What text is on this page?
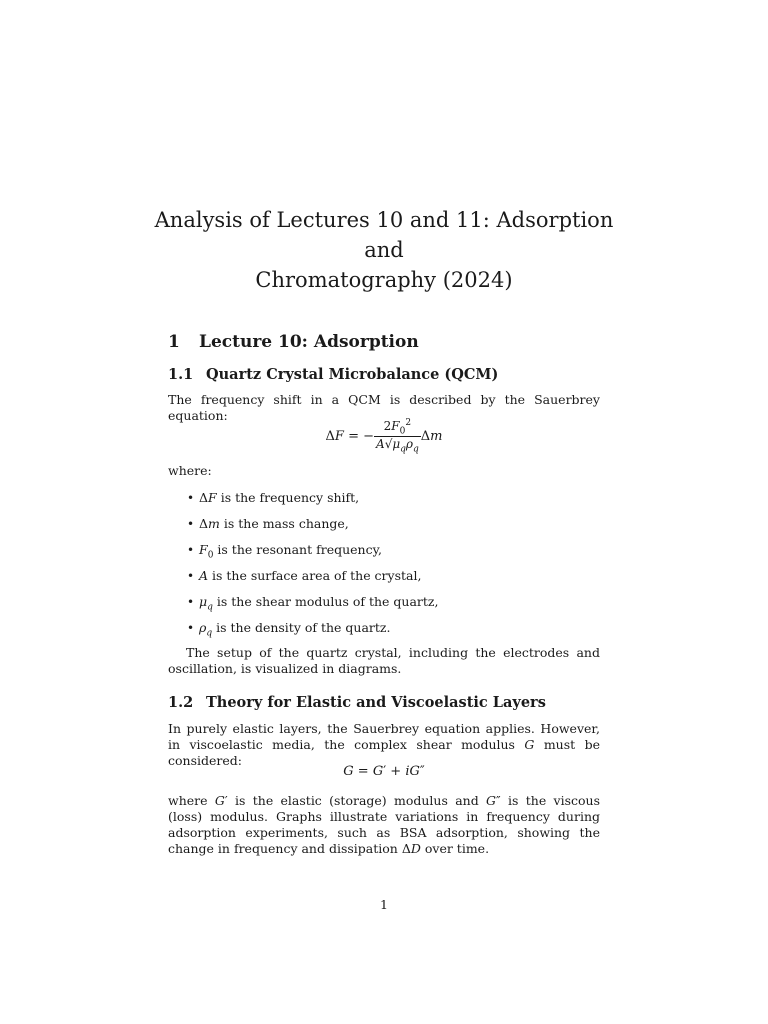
Analysis of Lectures 10 and 11: Adsorption and
Chromatography (2024)
1 Lecture 10: Adsorption
1.1 Quartz Crystal Microbalance (QCM)

The frequency shift in a QCM is described by the Sauerbrey equation:

ΔF = − $\frac{2F_0^2}{A√\mu_q\rho_q}$ Δm

where:

• ΔF is the frequency shift,
• Δm is the mass change,
• $F_0$ is the resonant frequency,
• A is the surface area of the crystal,
• $\mu_q$ is the shear modulus of the quartz,
• $\rho_q$ is the density of the quartz.

The setup of the quartz crystal, including the electrodes and oscillation, is visualized in diagrams.

1.2 Theory for Elastic and Viscoelastic Layers

In purely elastic layers, the Sauerbrey equation applies. However, in viscoelastic media, the complex shear modulus G must be considered:

G = G′ + iG″

where G′ is the elastic (storage) modulus and G″ is the viscous (loss) modulus. Graphs illustrate variations in frequency during adsorption experiments, such as BSA adsorption, showing the change in frequency and dissipation ΔD over time.

1
